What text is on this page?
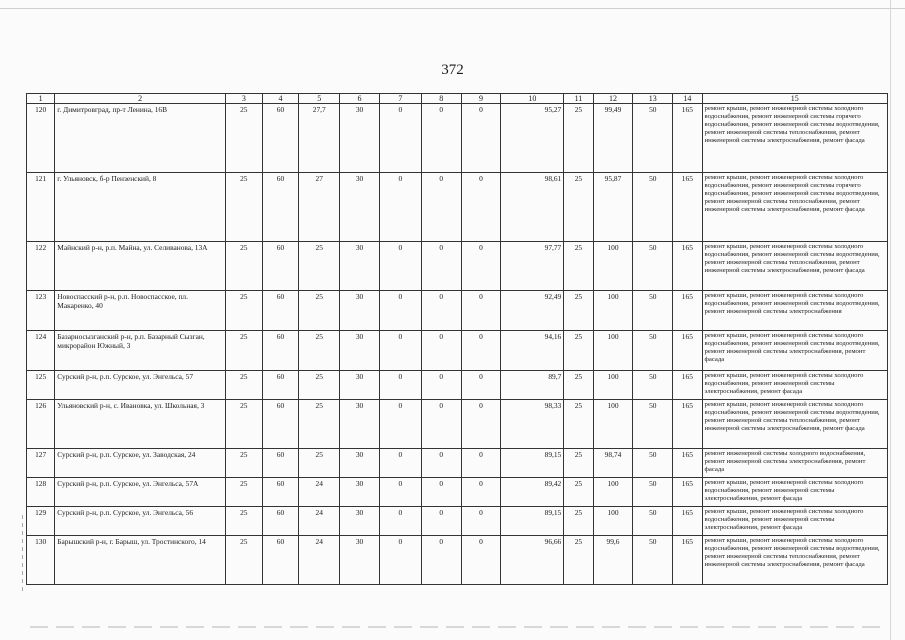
372
1	2	3	4	5	6	7	8	9	10	11	12	13	14	15
120	г. Димитровград, пр-т Ленина, 16В	25	60	27,7	30	0	0	0	95,27	25	99,49	50	165	ремонт крыши, ремонт инженерной системы холодного водоснабжения, ремонт инженерной системы горячего водоснабжения, ремонт инженерной системы водоотведения, ремонт инженерной системы теплоснабжения, ремонт инженерной системы электроснабжения, ремонт фасада
121	г. Ульяновск, б-р Пензенский, 8	25	60	27	30	0	0	0	98,61	25	95,87	50	165	ремонт крыши, ремонт инженерной системы холодного водоснабжения, ремонт инженерной системы горячего водоснабжения, ремонт инженерной системы водоотведения, ремонт инженерной системы теплоснабжения, ремонт инженерной системы электроснабжения, ремонт фасада
122	Майнский р-н, р.п. Майна, ул. Селиванова, 13А	25	60	25	30	0	0	0	97,77	25	100	50	165	ремонт крыши, ремонт инженерной системы холодного водоснабжения, ремонт инженерной системы водоотведения, ремонт инженерной системы теплоснабжения, ремонт инженерной системы электроснабжения, ремонт фасада
123	Новоспасский р-н, р.п. Новоспасское, пл. Макаренко, 40	25	60	25	30	0	0	0	92,49	25	100	50	165	ремонт крыши, ремонт инженерной системы холодного водоснабжения, ремонт инженерной системы водоотведения, ремонт инженерной системы электроснабжения
124	Базарносызганский р-н, р.п. Базарный Сызган, микрорайон Южный, 3	25	60	25	30	0	0	0	94,16	25	100	50	165	ремонт крыши, ремонт инженерной системы холодного водоснабжения, ремонт инженерной системы водоотведения, ремонт инженерной системы электроснабжения, ремонт фасада
125	Сурский р-н, р.п. Сурское, ул. Энгельса, 57	25	60	25	30	0	0	0	89,7	25	100	50	165	ремонт крыши, ремонт инженерной системы холодного водоснабжения, ремонт инженерной системы электроснабжения, ремонт фасада
126	Ульяновский р-н, с. Ивановка, ул. Школьная, 3	25	60	25	30	0	0	0	98,33	25	100	50	165	ремонт крыши, ремонт инженерной системы холодного водоснабжения, ремонт инженерной системы водоотведения, ремонт инженерной системы теплоснабжения, ремонт инженерной системы электроснабжения, ремонт фасада
127	Сурский р-н, р.п. Сурское, ул. Заводская, 24	25	60	25	30	0	0	0	89,15	25	98,74	50	165	ремонт инженерной системы холодного водоснабжения, ремонт инженерной системы электроснабжения, ремонт фасада
128	Сурский р-н, р.п. Сурское, ул. Энгельса, 57А	25	60	24	30	0	0	0	89,42	25	100	50	165	ремонт крыши, ремонт инженерной системы холодного водоснабжения, ремонт инженерной системы электроснабжения, ремонт фасада
129	Сурский р-н, р.п. Сурское, ул. Энгельса, 56	25	60	24	30	0	0	0	89,15	25	100	50	165	ремонт крыши, ремонт инженерной системы холодного водоснабжения, ремонт инженерной системы электроснабжения, ремонт фасада
130	Барышский р-н, г. Барыш, ул. Тростинского, 14	25	60	24	30	0	0	0	96,66	25	99,6	50	165	ремонт крыши, ремонт инженерной системы холодного водоснабжения, ремонт инженерной системы водоотведения, ремонт инженерной системы теплоснабжения, ремонт инженерной системы электроснабжения, ремонт фасада
